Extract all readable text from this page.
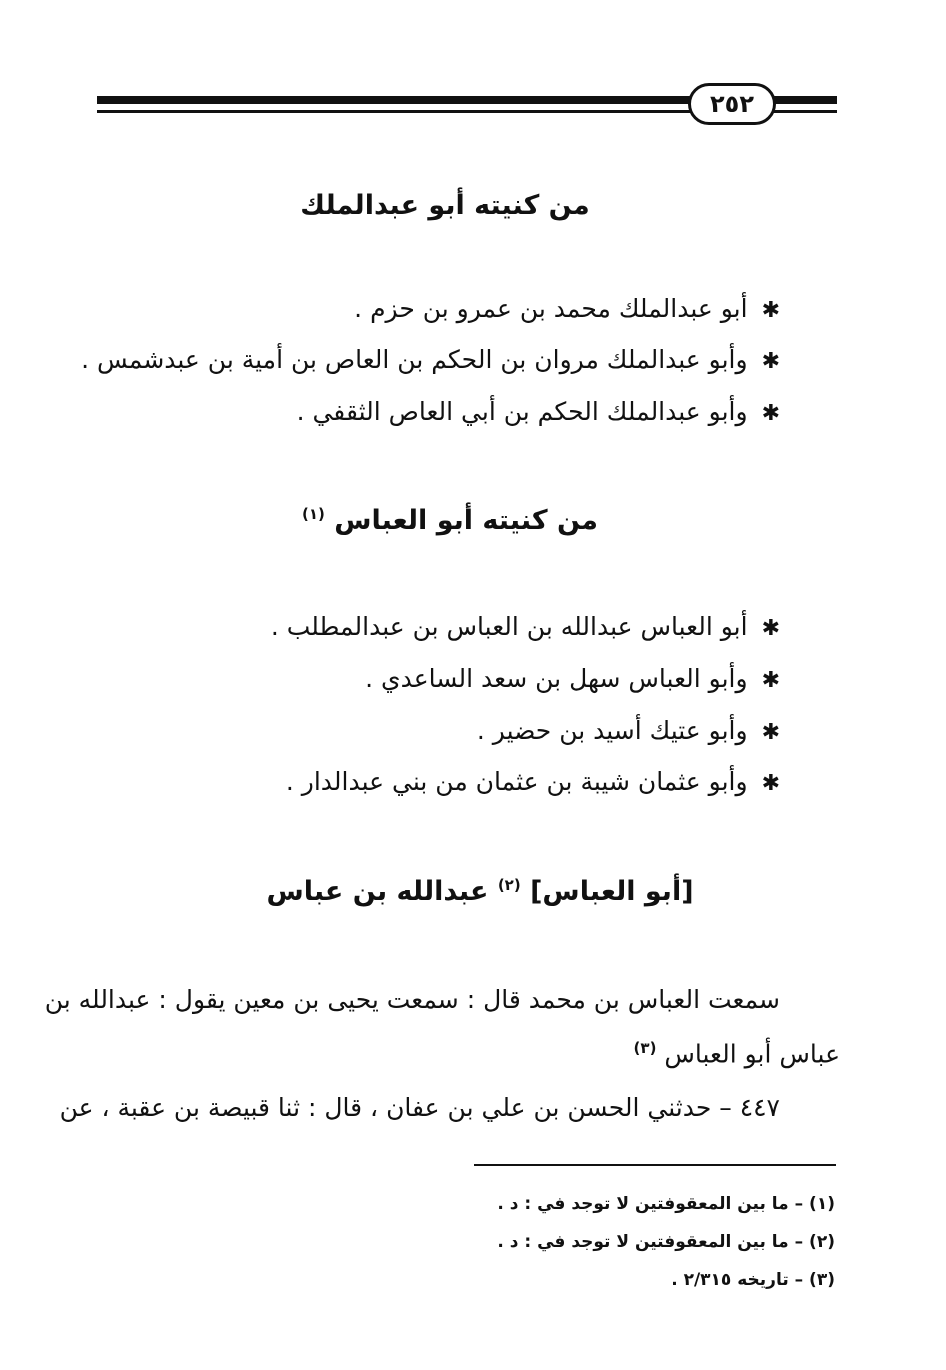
٢٥٢
من كنيته أبو عبدالملك
✱أبو عبدالملك محمد بن عمرو بن حزم .
✱وأبو عبدالملك مروان بن الحكم بن العاص بن أمية بن عبدشمس .
✱وأبو عبدالملك الحكم بن أبي العاص الثقفي .
من كنيته أبو العباس $^{(١)}$
✱أبو العباس عبدالله بن العباس بن عبدالمطلب .
✱وأبو العباس سهل بن سعد الساعدي .
✱وأبو عتيك أسيد بن حضير .
✱وأبو عثمان شيبة بن عثمان من بني عبدالدار .
[أبو العباس] $^{(٢)}$ عبدالله بن عباس
سمعت العباس بن محمد قال : سمعت يحيى بن معين يقول : عبدالله بن
عباس أبو العباس $^{(٣)}$
٤٤٧ – حدثني الحسن بن علي بن عفان ، قال : ثنا قبيصة بن عقبة ، عن
(١) – ما بين المعقوفتين لا توجد في : د .
(٢) – ما بين المعقوفتين لا توجد في : د .
(٣) – تاريخه ٢/٣١٥ .
